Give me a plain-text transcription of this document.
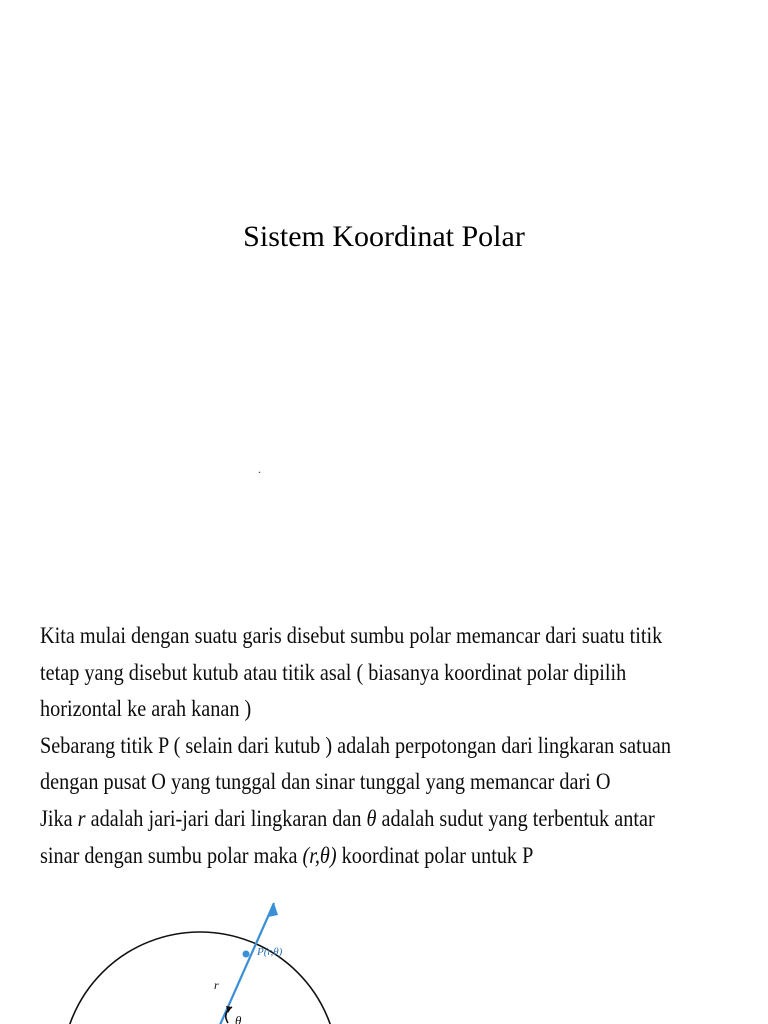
Sistem Koordinat Polar
.

Kita mulai dengan suatu garis disebut sumbu polar memancar dari suatu titik

tetap yang disebut kutub atau titik asal ( biasanya koordinat polar dipilih

horizontal ke arah kanan )

Sebarang titik P ( selain dari kutub ) adalah perpotongan dari lingkaran satuan

dengan pusat O yang tunggal dan sinar tunggal yang memancar dari O

Jika r adalah jari-jari dari lingkaran dan θ adalah sudut yang terbentuk antar

sinar dengan sumbu polar maka (r,θ) koordinat polar untuk P

P(r,θ)
r
θ
